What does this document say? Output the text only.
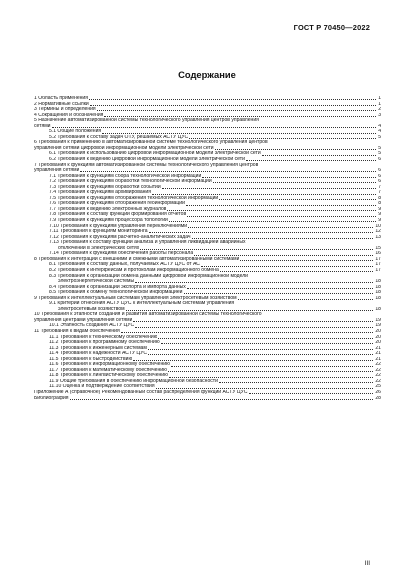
ГОСТ Р 70450—2022
Содержание
1 Область применения	1
2 Нормативные ссылки	1
3 Термины и определения	2
4 Сокращения и обозначения	3
5 Назначение автоматизированной системы технологического управления центров управления
сетями	4
5.1 Общие положения	4
5.2 Требования к составу задач ОТУ, решаемых АСТУ ЦУС	5
6 Требования к применению в автоматизированной системе технологического управления центров
управления сетями цифровой информационной модели электрической сети	5
6.1 Требования к использованию цифровой информационной модели электрической сети	5
6.2 Требования к ведению цифровой информационной модели электрической сети	6
7 Требования к функциям автоматизированной системы технологического управления центров
управления сетями	6
7.1 Требования к функциям сбора технологической информации	6
7.2 Требования к функциям обработки технологической информации	6
7.3 Требования к функциям обработки событий	7
7.4 Требования к функциям архивирования	7
7.5 Требования к функциям отображения технологической информации	8
7.6 Требования к функциям отображения геоинформации	8
7.7 Требования к ведению электронных журналов	9
7.8 Требования к составу функций формирования отчетов	9
7.9 Требования к функциям процессора топологии	9
7.10 Требования к функциям управления переключениями	10
7.11 Требования к функциям мониторинга	12
7.12 Требования к функциям расчетно-аналитических задач	13
7.13 Требования к составу функций анализа и управления ликвидацией аварийных
отключений в электрических сетях	15
7.14 Требования к функциям обеспечения работы персонала	16
8 Требования к интеграции с внешними и смежными автоматизированными системами	17
8.1 Требования к составу данных, получаемых АСТУ ЦУС от АС	17
8.2 Требования к интерфейсам и протоколам информационного обмена	17
8.3 Требования к организации обмена данными цифровой информационной модели
электроэнергетической системы	18
8.4 Требования к организации экспорта и импорта данных	18
8.5 Требования к обмену технологической информацией	18
9 Требования к интеллектуальным системам управления электросетевым хозяйством	18
9.1 Критерии отнесения АСТУ ЦУС к интеллектуальным системам управления
электросетевым хозяйством	18
10 Требования к этапности создания и развития автоматизированной системы технологического
управления центрами управления сетями	19
10.1 Этапность создания АСТУ ЦУС	19
11 Требования к видам обеспечения	20
11.1 Требования к техническому обеспечению	20
11.2 Требования к программному обеспечению	20
11.3 Требования к инженерным системам	21
11.4 Требования к надежности АСТУ ЦУС	21
11.5 Требования к быстродействию	21
11.6 Требования к информационному обеспечению	22
11.7 Требования к математическому обеспечению	22
11.8 Требования к лингвистическому обеспечению	22
11.9 Общие требования в обеспечению информационной безопасности	22
11.10 Оценка и подтверждение соответствия	25
Приложение А (справочное) Рекомендованный состав распределения функций АСТУ ЦУС	26
Библиография	28
III
